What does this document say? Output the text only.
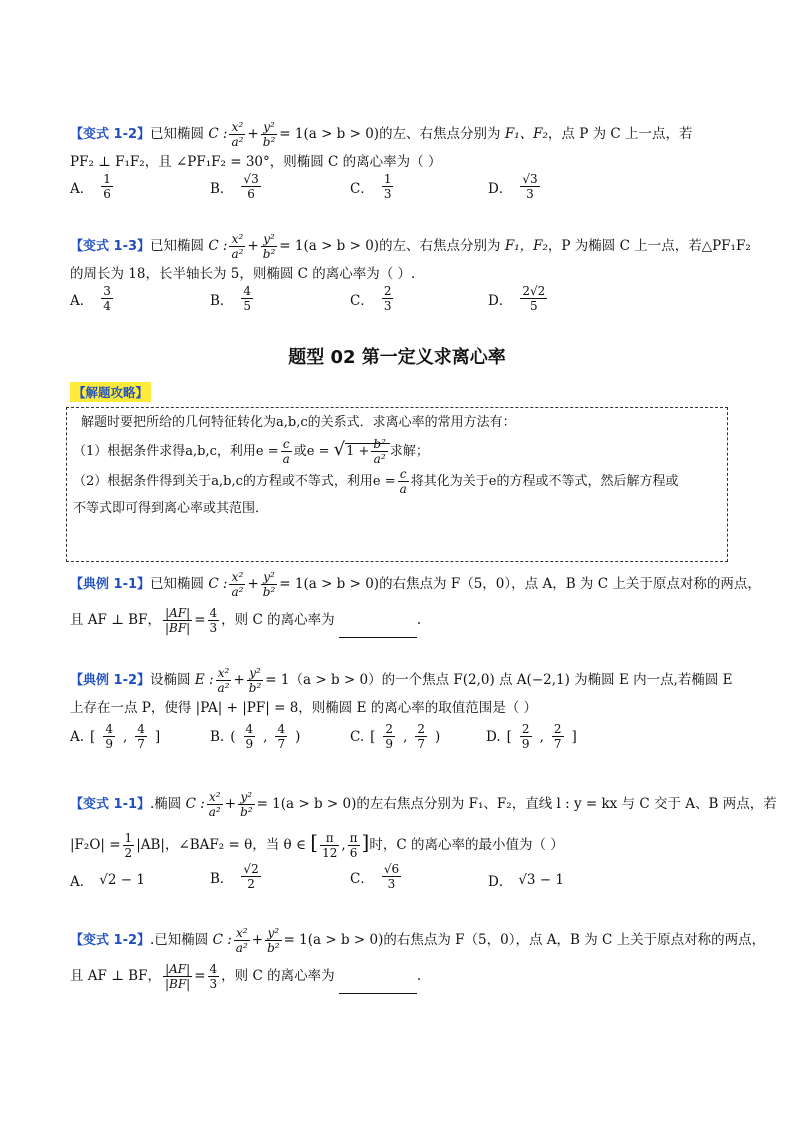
【变式 1-2】已知椭圆 C : $\frac{\text{x²}}{\text{a²}} + \frac{\text{y²}}{\text{b²}} = 1(a > b > 0)$的左、右焦点分别为 F₁、F₂，点 P 为 C 上一点，若
PF₂ ⊥ F₁F₂，且 ∠PF₁F₂ = 30°，则椭圆 C 的离心率为（ ）
A． $\frac{1}{6}$	B． $\frac{√3}{6}$	C． $\frac{1}{3}$	D． $\frac{√3}{3}$
【变式 1-3】已知椭圆 C : $\frac{\text{x²}}{\text{a²}} + \frac{\text{y²}}{\text{b²}} = 1(a > b > 0)$的左、右焦点分别为 F₁，F₂，P 为椭圆 C 上一点，若△PF₁F₂
的周长为 18，长半轴长为 5，则椭圆 C 的离心率为（ ）.
A． $\frac{3}{4}$	B． $\frac{4}{5}$	C． $\frac{2}{3}$	D． $\frac{2√2}{5}$
题型 02 第一定义求离心率
【解题攻略】

解题时要把所给的几何特征转化为a,b,c的关系式．求离心率的常用方法有：

（1）根据条件求得a,b,c，利用$e = \frac{c}{a}$ 或$e = √1 + \frac{\text{b²}}{\text{a²}}$ 求解；

（2）根据条件得到关于a,b,c的方程或不等式，利用$e = \frac{c}{a}$ 将其化为关于e的方程或不等式，然后解方程或

不等式即可得到离心率或其范围．

【典例 1-1】已知椭圆 C : $\frac{\text{x²}}{\text{a²}} + \frac{\text{y²}}{\text{b²}} = 1(a > b > 0)$的右焦点为 F（5，0），点 A，B 为 C 上关于原点对称的两点，
且 AF ⊥ BF， $\frac{|AF|}{|BF|} = \frac{4}{3}$ ，则 C 的离心率为	.
【典例 1-2】设椭圆 E : $\frac{\text{x²}}{\text{a²}} + \frac{\text{y²}}{\text{b²}} = 1(a > b > 0)$的一个焦点 F(2,0) 点 A(−2,1) 为椭圆 E 内一点,若椭圆 E
上存在一点 P，使得 |PA| + |PF| = 8，则椭圆 E 的离心率的取值范围是（ ）
A. [ $\frac{4}{9}$ , $\frac{4}{7}$ ]	B. ( $\frac{4}{9}$ , $\frac{4}{7}$ )	C. [ $\frac{2}{9}$ , $\frac{2}{7}$ )	D. [ $\frac{2}{9}$ , $\frac{2}{7}$ ]
【变式 1-1】.椭圆 C : $\frac{\text{x²}}{\text{a²}} + \frac{\text{y²}}{\text{b²}} = 1(a > b > 0)$的左右焦点分别为 F₁、F₂，直线 l : y = kx 与 C 交于 A、B 两点，若
$|F_2O| = \frac{1}{2} |AB|$，∠BAF₂ = θ，当 θ ∈ [ $\frac{\pi}{12}$ , $\frac{\pi}{6}$ ]时，C 的离心率的最小值为（ ）
A． √2 − 1	B． $\frac{√2}{2}$	C． $\frac{√6}{3}$	D． √3 − 1
【变式 1-2】.已知椭圆 C : $\frac{\text{x²}}{\text{a²}} + \frac{\text{y²}}{\text{b²}} = 1(a > b > 0)$的右焦点为 F（5，0），点 A，B 为 C 上关于原点对称的两点，
且 AF ⊥ BF， $\frac{|AF|}{|BF|} = \frac{4}{3}$ ，则 C 的离心率为	.
